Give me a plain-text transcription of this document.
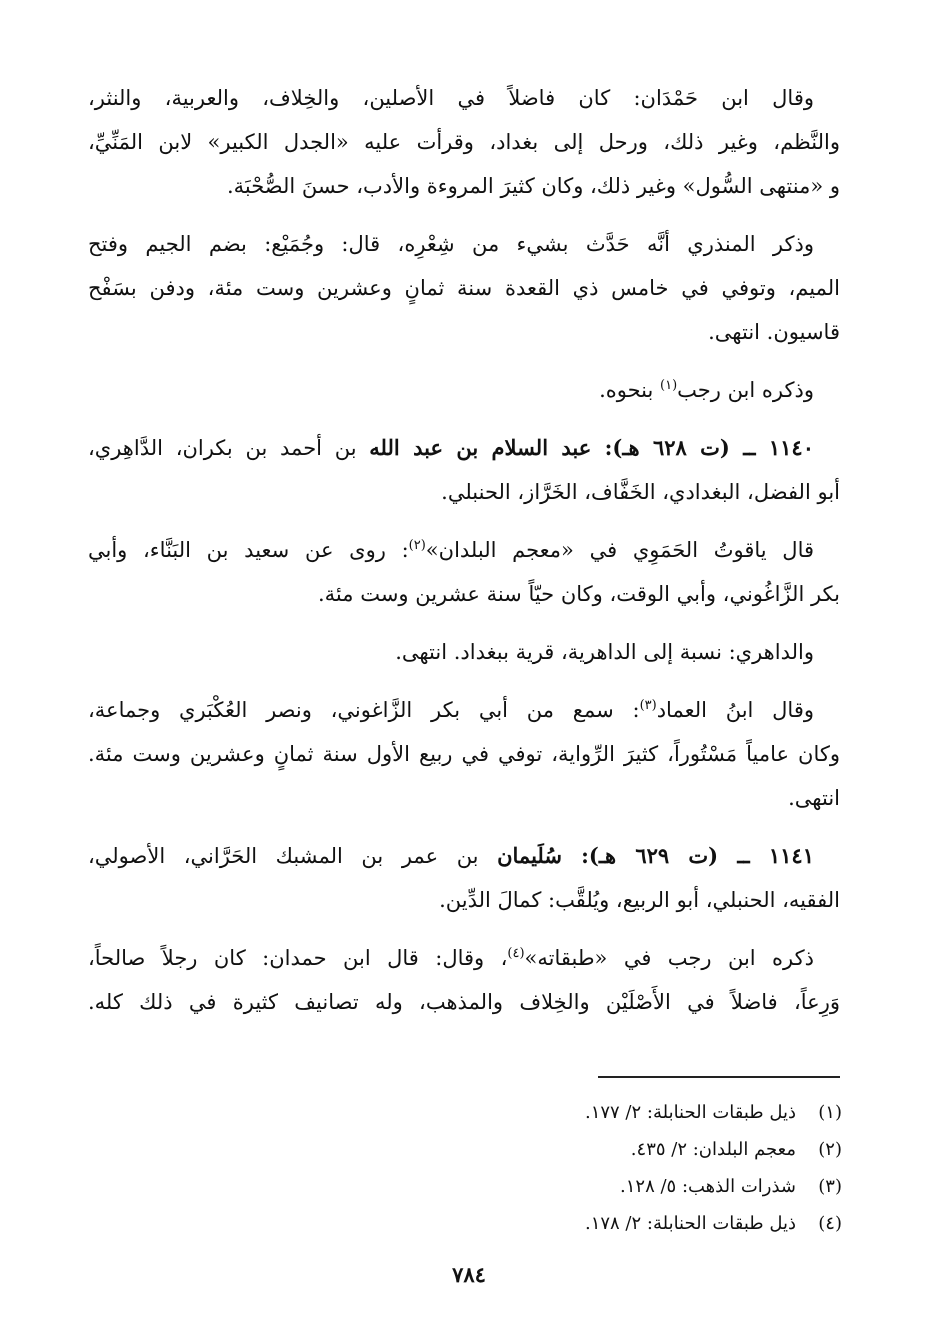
وقال ابن حَمْدَان: كان فاضلاً في الأصلين، والخِلاف، والعربية، والنثر،
والنَّظم، وغير ذلك، ورحل إلى بغداد، وقرأت عليه «الجدل الكبير» لابن المَنِّيِّ،
و «منتهى السُّول» وغير ذلك، وكان كثيرَ المروءة والأدب، حسنَ الصُّحْبَة.
وذكر المنذري أنَّه حَدَّث بشيء من شِعْرِه، قال: وجُمَيْع: بضم الجيم وفتح
الميم، وتوفي في خامس ذي القعدة سنة ثمانٍ وعشرين وست مئة، ودفن بسَفْح
قاسيون. انتهى.
وذكره ابن رجب$^{(١)}$ بنحوه.
١١٤٠ ــ (ت ٦٢٨ هـ): عبد السلام بن عبد الله بن أحمد بن بكران، الدَّاهِري،
أبو الفضل، البغدادي، الخَفَّاف، الخَرَّاز، الحنبلي.
قال ياقوتُ الحَمَوِي في «معجم البلدان»$^{(٢)}$: روى عن سعيد بن البَنَّاء، وأبي
بكر الزَّاغُوني، وأبي الوقت، وكان حيّاً سنة عشرين وست مئة.
والداهري: نسبة إلى الداهرية، قرية ببغداد. انتهى.
وقال ابنُ العماد$^{(٣)}$: سمع من أبي بكر الزَّاغوني، ونصر العُكْبَري وجماعة،
وكان عامياً مَسْتُوراً، كثيرَ الرِّواية، توفي في ربيع الأول سنة ثمانٍ وعشرين وست مئة.
انتهى.
١١٤١ ــ (ت ٦٢٩ هـ): سُلَيمان بن عمر بن المشبك الحَرَّاني، الأصولي،
الفقيه، الحنبلي، أبو الربيع، ويُلقَّب: كمالَ الدِّين.
ذكره ابن رجب في «طبقاته»$^{(٤)}$، وقال: قال ابن حمدان: كان رجلاً صالحاً،
وَرِعاً، فاضلاً في الأَصْلَيْن والخِلاف والمذهب، وله تصانيف كثيرة في ذلك كله.
(١)ذيل طبقات الحنابلة: ٢/ ١٧٧.
(٢)معجم البلدان: ٢/ ٤٣٥.
(٣)شذرات الذهب: ٥/ ١٢٨.
(٤)ذيل طبقات الحنابلة: ٢/ ١٧٨.
٧٨٤
